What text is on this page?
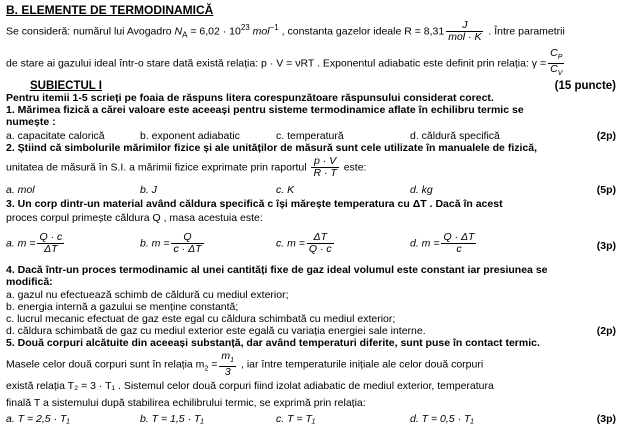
B. ELEMENTE DE TERMODINAMICĂ
Se consideră: numărul lui Avogadro $N_A = 6,02 \cdot 10^{23}$ mol$^{-1}$ , constanta gazelor ideale $R = 8,31 \frac{J}{\text{mol · K}}$ . Între parametrii
de stare ai gazului ideal într-o stare dată există relația: p · V = νRT . Exponentul adiabatic este definit prin relația: $\gamma = \frac{C_P}{C_V}$
SUBIECTUL I	(15 puncte)
Pentru itemii 1-5 scrieți pe foaia de răspuns litera corespunzătoare răspunsului considerat corect.
1. Mărimea fizică a cărei valoare este aceeași pentru sisteme termodinamice aflate în echilibru termic se
numește :
a. capacitate calorică	b. exponent adiabatic	c. temperatură	d. căldură specifică	(2p)
2. Știind că simbolurile mărimilor fizice și ale unităților de măsură sunt cele utilizate în manualele de fizică,
unitatea de măsură în S.I. a mărimii fizice exprimate prin raportul $\frac{p \cdot V}{R \cdot T}$ este:
a. mol	b. J	c. K	d. kg	(5p)
3. Un corp dintr-un material având căldura specifică c își mărește temperatura cu ΔT . Dacă în acest
proces corpul primește căldura Q , masa acestuia este:
a. $m = \frac{Q \cdot c}{\Delta T}$	b. $m = \frac{Q}{c \cdot \Delta T}$	c. $m = \frac{\Delta T}{Q \cdot c}$	d. $m = \frac{Q \cdot \Delta T}{c}$	(3p)
4. Dacă într-un proces termodinamic al unei cantități fixe de gaz ideal volumul este constant iar presiunea se
modifică:
a. gazul nu efectuează schimb de căldură cu mediul exterior;
b. energia internă a gazului se menține constantă;
c. lucrul mecanic efectuat de gaz este egal cu căldura schimbată cu mediul exterior;
d. căldura schimbată de gaz cu mediul exterior este egală cu variația energiei sale interne.	(2p)
5. Două corpuri alcătuite din aceeași substanță, dar având temperaturi diferite, sunt puse în contact termic.
Masele celor două corpuri sunt în relația $m_2 = \frac{m_1}{3}$ , iar între temperaturile inițiale ale celor două corpuri
există relația T₂ = 3 · T₁ . Sistemul celor două corpuri fiind izolat adiabatic de mediul exterior, temperatura
finală T a sistemului după stabilirea echilibrului termic, se exprimă prin relația:
a. T = 2,5 · T₁	b. T = 1,5 · T₁	c. T = T₁	d. T = 0,5 · T₁	(3p)
